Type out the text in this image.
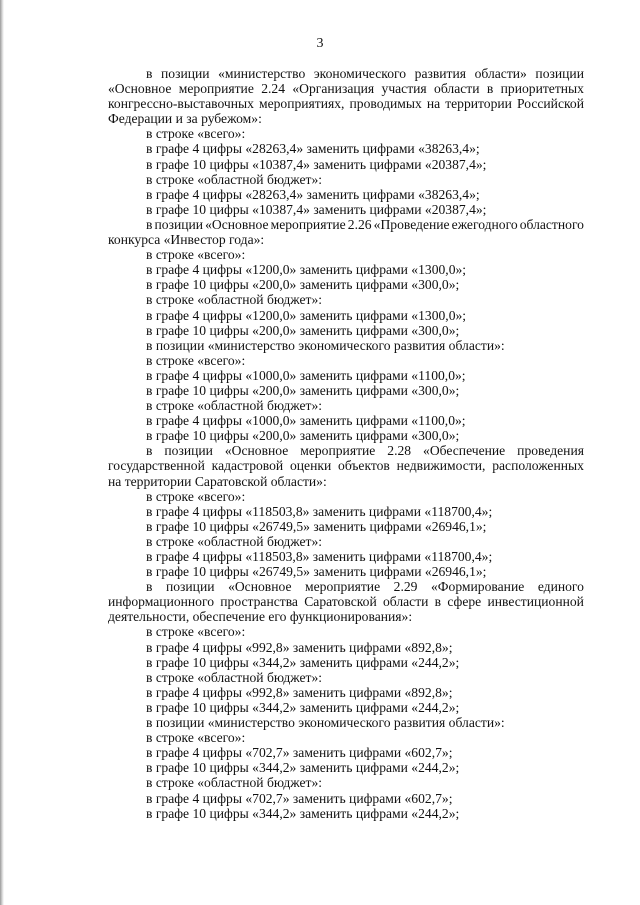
3
в позиции «министерство экономического развития области» позиции
«Основное мероприятие 2.24 «Организация участия области в приоритетных
конгрессно-выставочных мероприятиях, проводимых на территории Российской
Федерации и за рубежом»:
в строке «всего»:
в графе 4 цифры «28263,4» заменить цифрами «38263,4»;
в графе 10 цифры «10387,4» заменить цифрами «20387,4»;
в строке «областной бюджет»:
в графе 4 цифры «28263,4» заменить цифрами «38263,4»;
в графе 10 цифры «10387,4» заменить цифрами «20387,4»;
в позиции «Основное мероприятие 2.26 «Проведение ежегодного областного
конкурса «Инвестор года»:
в строке «всего»:
в графе 4 цифры «1200,0» заменить цифрами «1300,0»;
в графе 10 цифры «200,0» заменить цифрами «300,0»;
в строке «областной бюджет»:
в графе 4 цифры «1200,0» заменить цифрами «1300,0»;
в графе 10 цифры «200,0» заменить цифрами «300,0»;
в позиции «министерство экономического развития области»:
в строке «всего»:
в графе 4 цифры «1000,0» заменить цифрами «1100,0»;
в графе 10 цифры «200,0» заменить цифрами «300,0»;
в строке «областной бюджет»:
в графе 4 цифры «1000,0» заменить цифрами «1100,0»;
в графе 10 цифры «200,0» заменить цифрами «300,0»;
в позиции «Основное мероприятие 2.28 «Обеспечение проведения
государственной кадастровой оценки объектов недвижимости, расположенных
на территории Саратовской области»:
в строке «всего»:
в графе 4 цифры «118503,8» заменить цифрами «118700,4»;
в графе 10 цифры «26749,5» заменить цифрами «26946,1»;
в строке «областной бюджет»:
в графе 4 цифры «118503,8» заменить цифрами «118700,4»;
в графе 10 цифры «26749,5» заменить цифрами «26946,1»;
в позиции «Основное мероприятие 2.29 «Формирование единого
информационного пространства Саратовской области в сфере инвестиционной
деятельности, обеспечение его функционирования»:
в строке «всего»:
в графе 4 цифры «992,8» заменить цифрами «892,8»;
в графе 10 цифры «344,2» заменить цифрами «244,2»;
в строке «областной бюджет»:
в графе 4 цифры «992,8» заменить цифрами «892,8»;
в графе 10 цифры «344,2» заменить цифрами «244,2»;
в позиции «министерство экономического развития области»:
в строке «всего»:
в графе 4 цифры «702,7» заменить цифрами «602,7»;
в графе 10 цифры «344,2» заменить цифрами «244,2»;
в строке «областной бюджет»:
в графе 4 цифры «702,7» заменить цифрами «602,7»;
в графе 10 цифры «344,2» заменить цифрами «244,2»;
